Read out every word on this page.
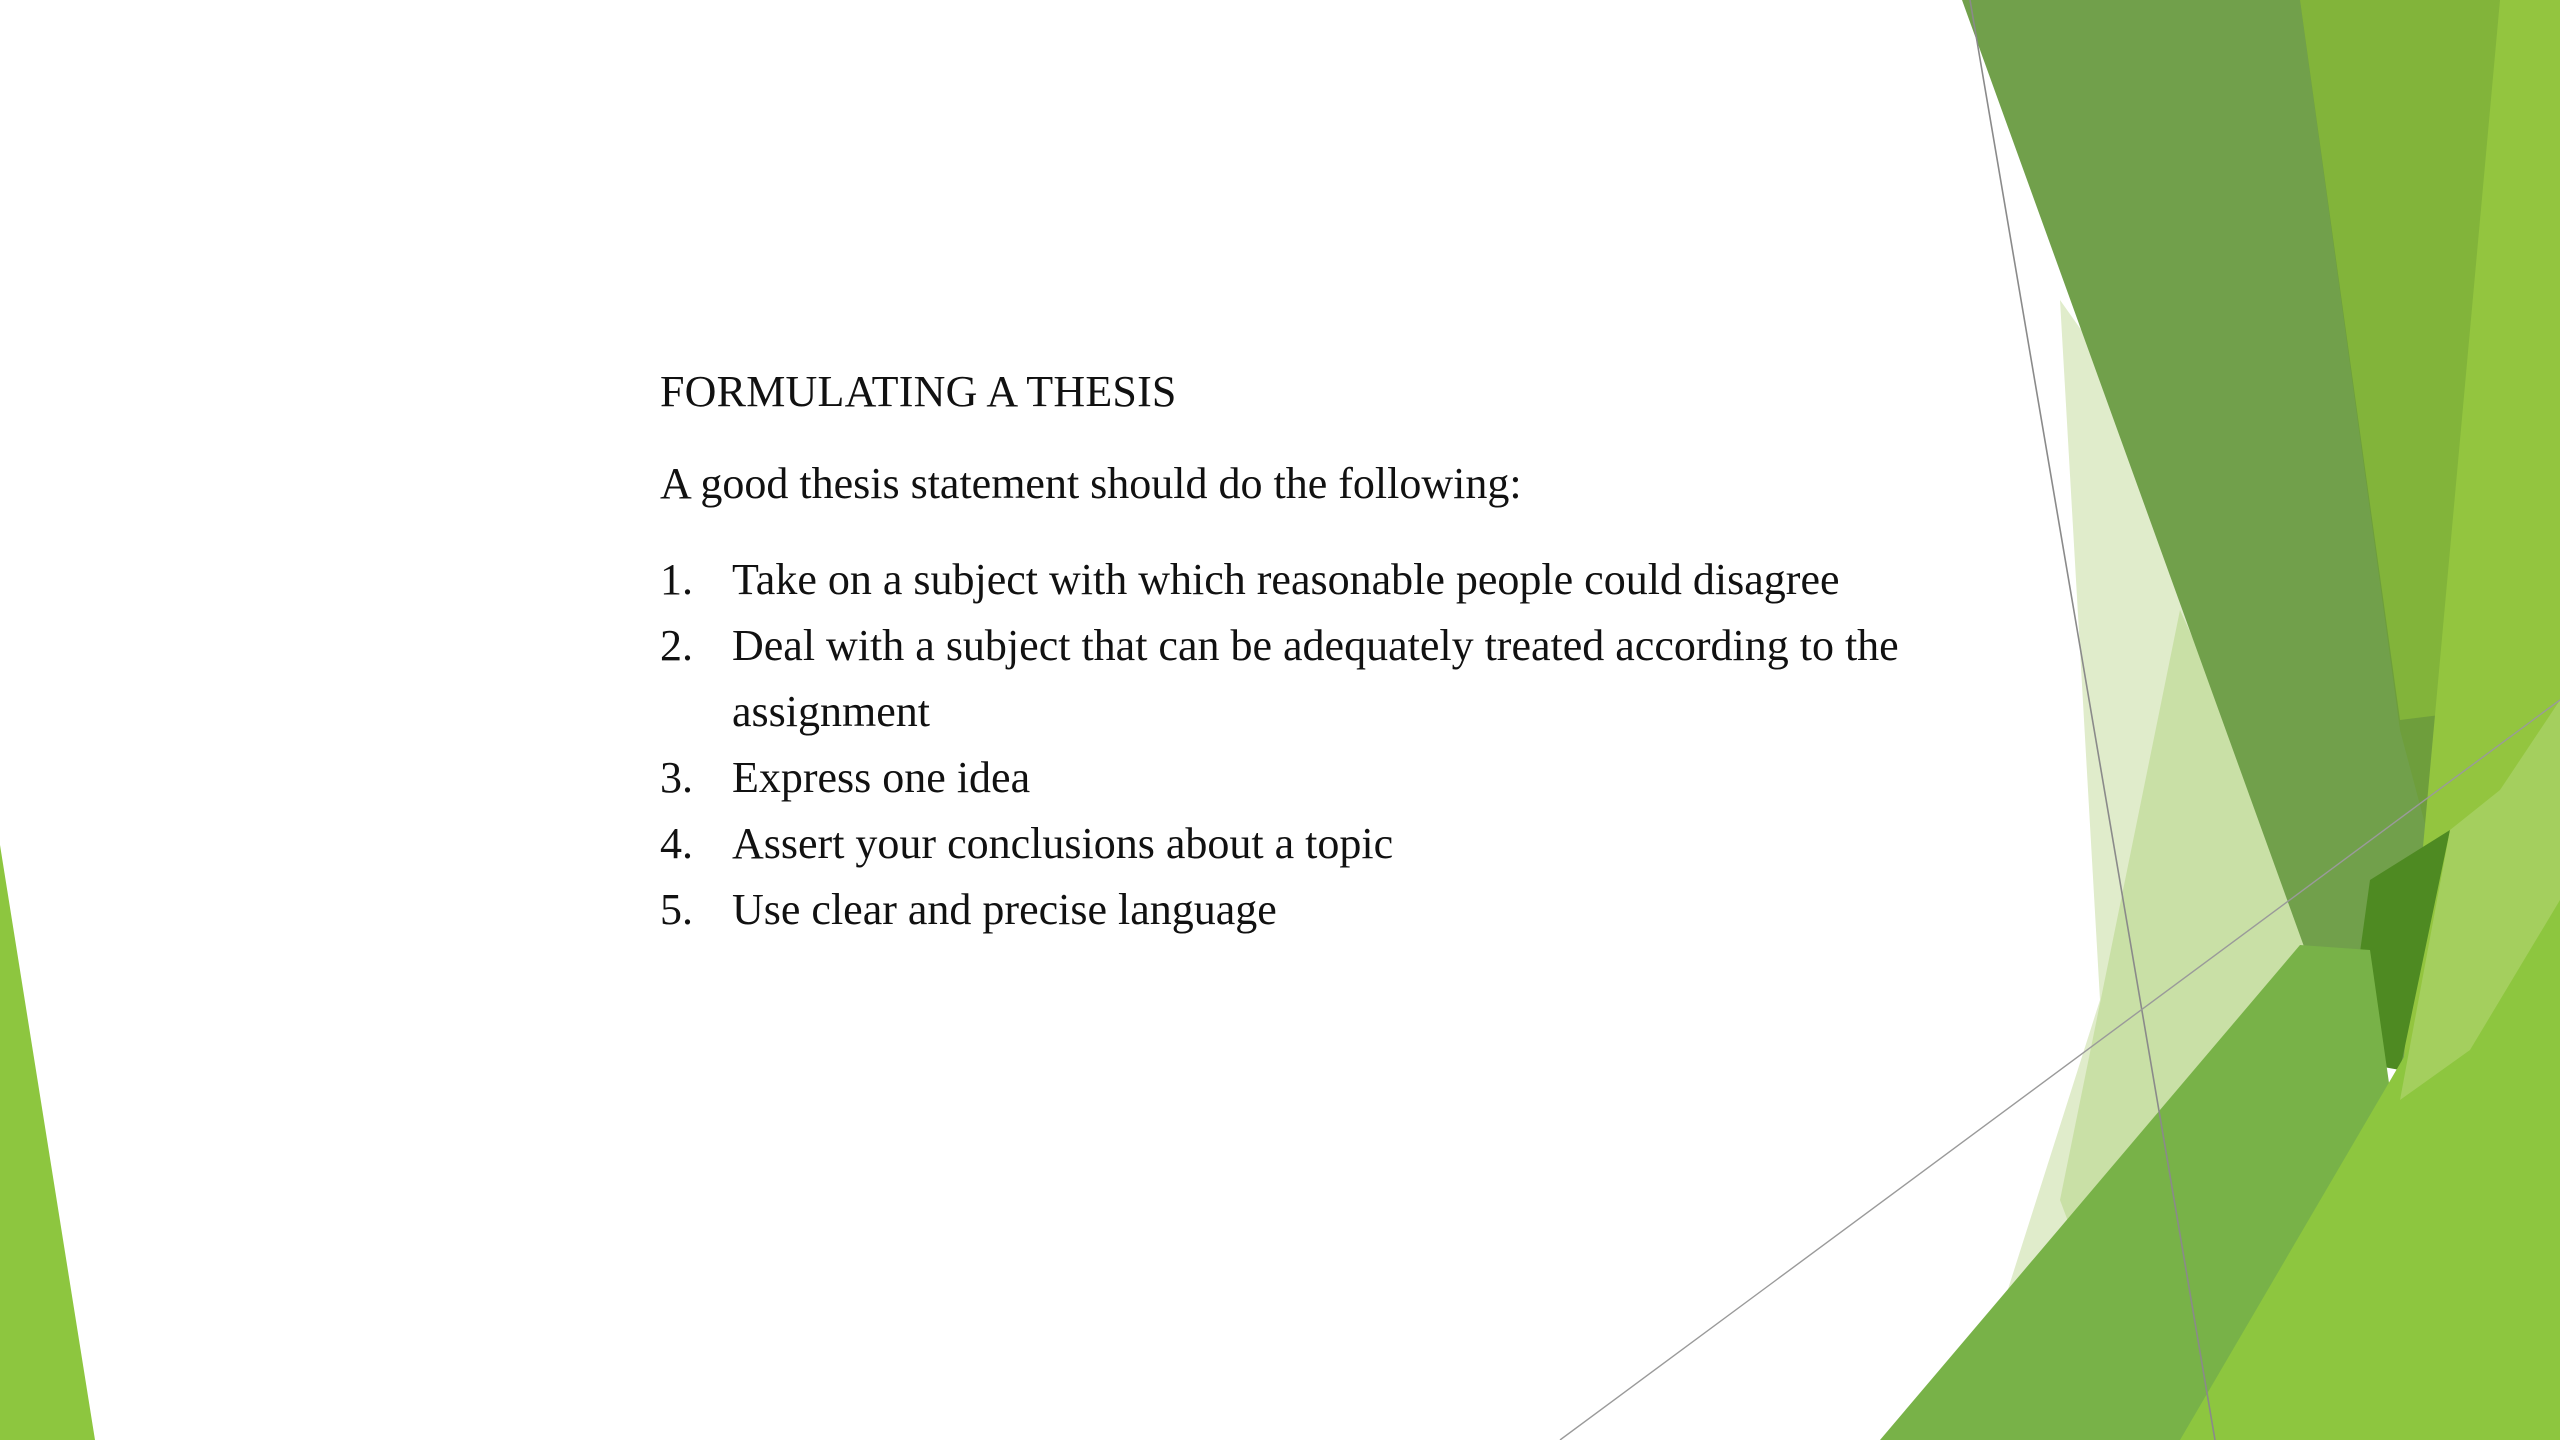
FORMULATING A THESIS
A good thesis statement should do the following:
1. Take on a subject with which reasonable people could disagree
2. Deal with a subject that can be adequately treated according to the assignment
3. Express one idea
4. Assert your conclusions about a topic
5. Use clear and precise language
